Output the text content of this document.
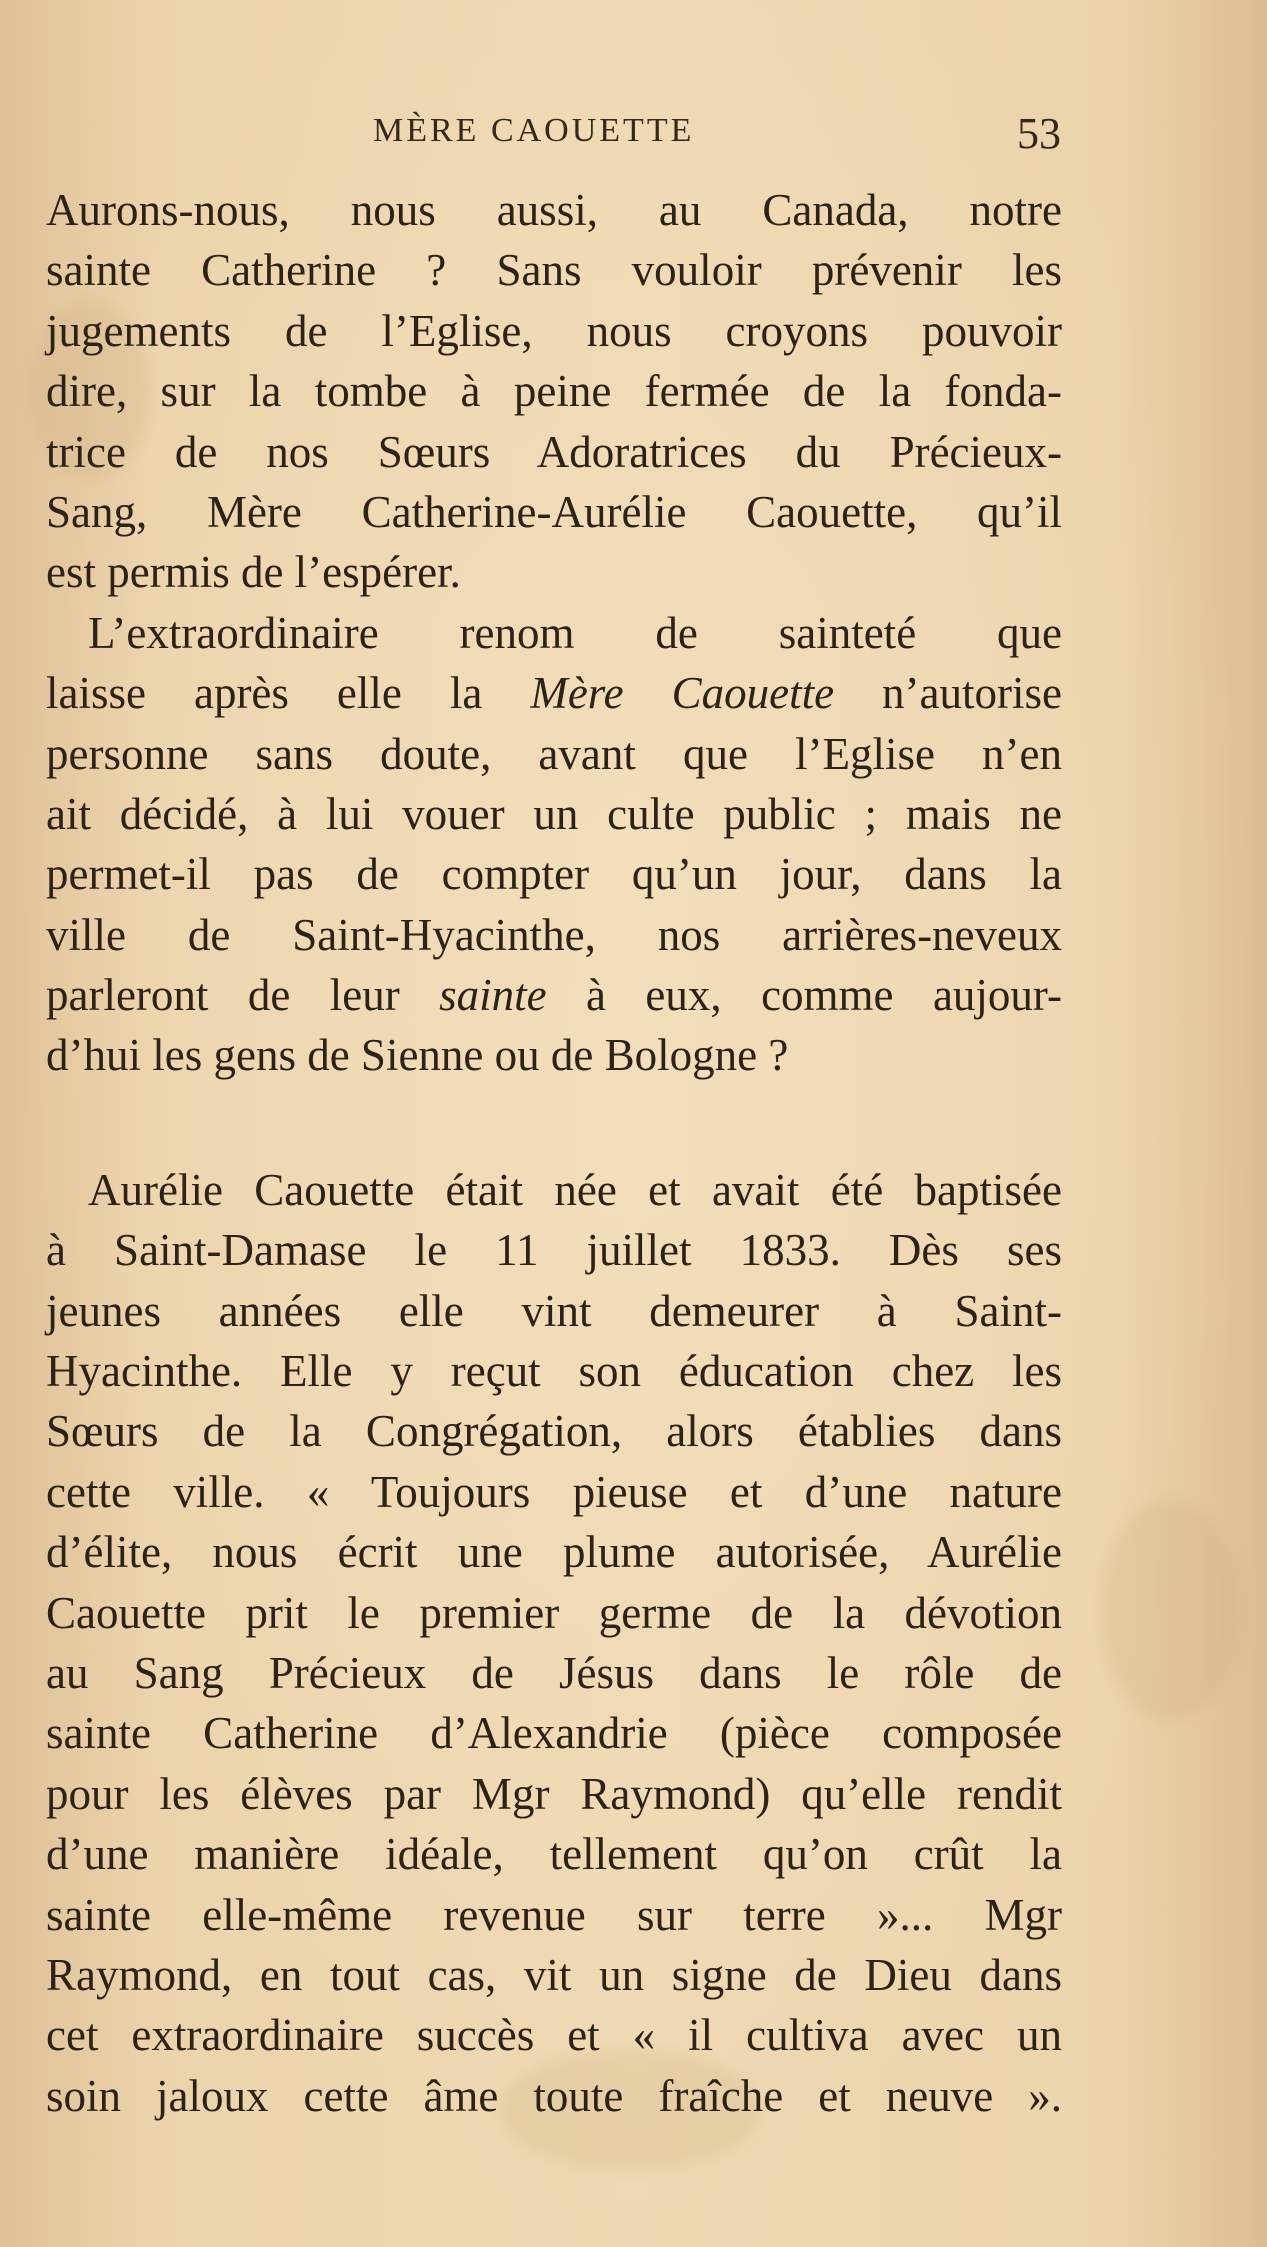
MÈRE CAOUETTE	53
Aurons-nous, nous aussi, au Canada, notre
sainte Catherine ? Sans vouloir prévenir les
jugements de l’Eglise, nous croyons pouvoir
dire, sur la tombe à peine fermée de la fonda-
trice de nos Sœurs Adoratrices du Précieux-
Sang, Mère Catherine-Aurélie Caouette, qu’il
est permis de l’espérer.
L’extraordinaire renom de sainteté que
laisse après elle la Mère Caouette n’autorise
personne sans doute, avant que l’Eglise n’en
ait décidé, à lui vouer un culte public ; mais ne
permet-il pas de compter qu’un jour, dans la
ville de Saint-Hyacinthe, nos arrières-neveux
parleront de leur sainte à eux, comme aujour-
d’hui les gens de Sienne ou de Bologne ?
Aurélie Caouette était née et avait été baptisée
à Saint-Damase le 11 juillet 1833. Dès ses
jeunes années elle vint demeurer à Saint-
Hyacinthe. Elle y reçut son éducation chez les
Sœurs de la Congrégation, alors établies dans
cette ville. « Toujours pieuse et d’une nature
d’élite, nous écrit une plume autorisée, Aurélie
Caouette prit le premier germe de la dévotion
au Sang Précieux de Jésus dans le rôle de
sainte Catherine d’Alexandrie (pièce composée
pour les élèves par Mgr Raymond) qu’elle rendit
d’une manière idéale, tellement qu’on crût la
sainte elle-même revenue sur terre »... Mgr
Raymond, en tout cas, vit un signe de Dieu dans
cet extraordinaire succès et « il cultiva avec un
soin jaloux cette âme toute fraîche et neuve ».
